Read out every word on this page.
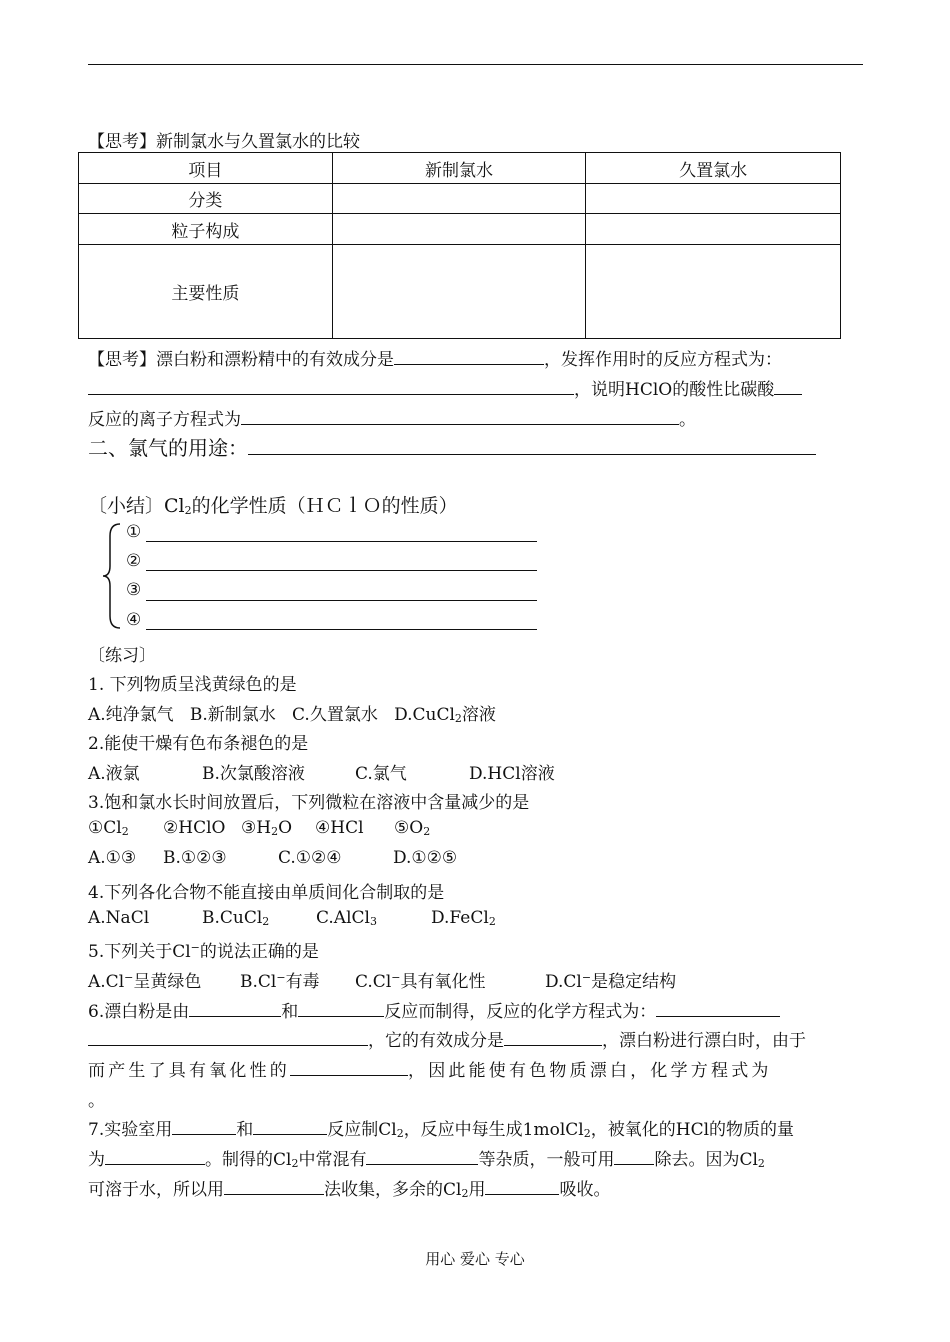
【思考】新制氯水与久置氯水的比较
项目	新制氯水	久置氯水
分类		
粒子构成		
主要性质		
【思考】漂白粉和漂粉精中的有效成分是	，发挥作用时的反应方程式为：
，说明HClO的酸性比碳酸
反应的离子方程式为	。
二、氯气的用途：
〔小结〕$Cl_2$的化学性质（ＨＣｌＯ的性质）
①
②
③
④
〔练习〕
1. 下列物质呈浅黄绿色的是
A.纯净氯气 B.新制氯水 C.久置氯水 D.CuCl$_2$溶液
2.能使干燥有色布条褪色的是
A.液氯	B.次氯酸溶液	C.氯气	D.HCl溶液
3.饱和氯水长时间放置后，下列微粒在溶液中含量减少的是
$①Cl_2$ ②HClO $③H_2O$ ④HCl $⑤O_2$
A.①③ B.①②③	C.①②④	D.①②⑤
4.下列各化合物不能直接由单质间化合制取的是
A.NaCl	B.CuCl$_2$	C.AlCl$_3$	D.FeCl$_2$
5.下列关于Cl−的说法正确的是
A.Cl−呈黄绿色 B.Cl−有毒 C.Cl−具有氧化性	D.Cl−是稳定结构
6.漂白粉是由	和	反应而制得，反应的化学方程式为：
，它的有效成分是	，漂白粉进行漂白时，由于
而产生了具有氧化性的	，因此能使有色物质漂白，化学方程式为
。
7.实验室用	和	反应制$Cl_2$，反应中每生成1molCl$_2$，被氧化的HCl的物质的量
为	。制得的$Cl_2$中常混有	等杂质，一般可用 除去。因为$Cl_2$
可溶于水，所以用	法收集，多余的$Cl_2$用	吸收。
用心 爱心 专心
